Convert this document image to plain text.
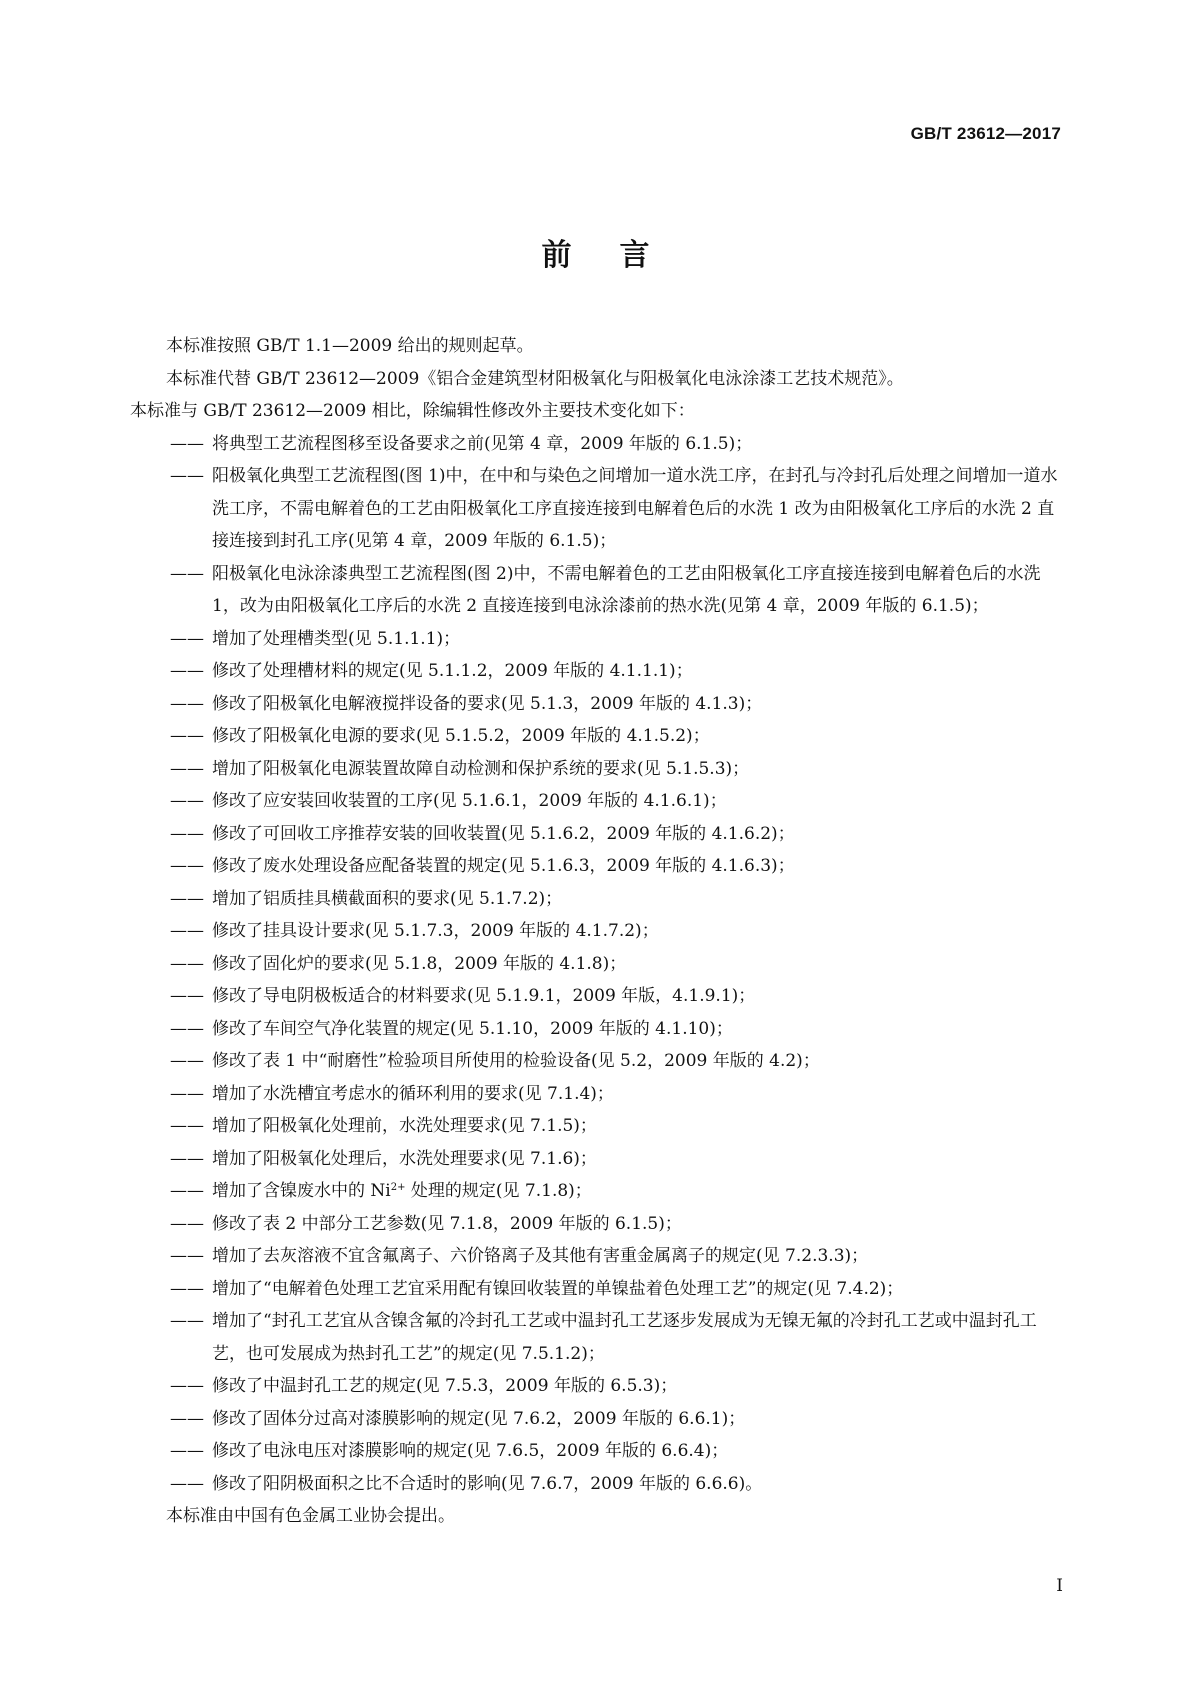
GB/T 23612—2017
前言
本标准按照 GB/T 1.1—2009 给出的规则起草。
本标准代替 GB/T 23612—2009《铝合金建筑型材阳极氧化与阳极氧化电泳涂漆工艺技术规范》。
本标准与 GB/T 23612—2009 相比，除编辑性修改外主要技术变化如下：
—— 将典型工艺流程图移至设备要求之前(见第 4 章，2009 年版的 6.1.5)；
—— 阳极氧化典型工艺流程图(图 1)中，在中和与染色之间增加一道水洗工序，在封孔与冷封孔后处理之间增加一道水洗工序，不需电解着色的工艺由阳极氧化工序直接连接到电解着色后的水洗 1 改为由阳极氧化工序后的水洗 2 直接连接到封孔工序(见第 4 章，2009 年版的 6.1.5)；
—— 阳极氧化电泳涂漆典型工艺流程图(图 2)中，不需电解着色的工艺由阳极氧化工序直接连接到电解着色后的水洗 1，改为由阳极氧化工序后的水洗 2 直接连接到电泳涂漆前的热水洗(见第 4 章，2009 年版的 6.1.5)；
—— 增加了处理槽类型(见 5.1.1.1)；
—— 修改了处理槽材料的规定(见 5.1.1.2，2009 年版的 4.1.1.1)；
—— 修改了阳极氧化电解液搅拌设备的要求(见 5.1.3，2009 年版的 4.1.3)；
—— 修改了阳极氧化电源的要求(见 5.1.5.2，2009 年版的 4.1.5.2)；
—— 增加了阳极氧化电源装置故障自动检测和保护系统的要求(见 5.1.5.3)；
—— 修改了应安装回收装置的工序(见 5.1.6.1，2009 年版的 4.1.6.1)；
—— 修改了可回收工序推荐安装的回收装置(见 5.1.6.2，2009 年版的 4.1.6.2)；
—— 修改了废水处理设备应配备装置的规定(见 5.1.6.3，2009 年版的 4.1.6.3)；
—— 增加了铝质挂具横截面积的要求(见 5.1.7.2)；
—— 修改了挂具设计要求(见 5.1.7.3，2009 年版的 4.1.7.2)；
—— 修改了固化炉的要求(见 5.1.8，2009 年版的 4.1.8)；
—— 修改了导电阴极板适合的材料要求(见 5.1.9.1，2009 年版，4.1.9.1)；
—— 修改了车间空气净化装置的规定(见 5.1.10，2009 年版的 4.1.10)；
—— 修改了表 1 中“耐磨性”检验项目所使用的检验设备(见 5.2，2009 年版的 4.2)；
—— 增加了水洗槽宜考虑水的循环利用的要求(见 7.1.4)；
—— 增加了阳极氧化处理前，水洗处理要求(见 7.1.5)；
—— 增加了阳极氧化处理后，水洗处理要求(见 7.1.6)；
—— 增加了含镍废水中的 $Ni^{2+}$ 处理的规定(见 7.1.8)；
—— 修改了表 2 中部分工艺参数(见 7.1.8，2009 年版的 6.1.5)；
—— 增加了去灰溶液不宜含氟离子、六价铬离子及其他有害重金属离子的规定(见 7.2.3.3)；
—— 增加了“电解着色处理工艺宜采用配有镍回收装置的单镍盐着色处理工艺”的规定(见 7.4.2)；
—— 增加了“封孔工艺宜从含镍含氟的冷封孔工艺或中温封孔工艺逐步发展成为无镍无氟的冷封孔工艺或中温封孔工艺，也可发展成为热封孔工艺”的规定(见 7.5.1.2)；
—— 修改了中温封孔工艺的规定(见 7.5.3，2009 年版的 6.5.3)；
—— 修改了固体分过高对漆膜影响的规定(见 7.6.2，2009 年版的 6.6.1)；
—— 修改了电泳电压对漆膜影响的规定(见 7.6.5，2009 年版的 6.6.4)；
—— 修改了阳阴极面积之比不合适时的影响(见 7.6.7，2009 年版的 6.6.6)。
本标准由中国有色金属工业协会提出。
I
